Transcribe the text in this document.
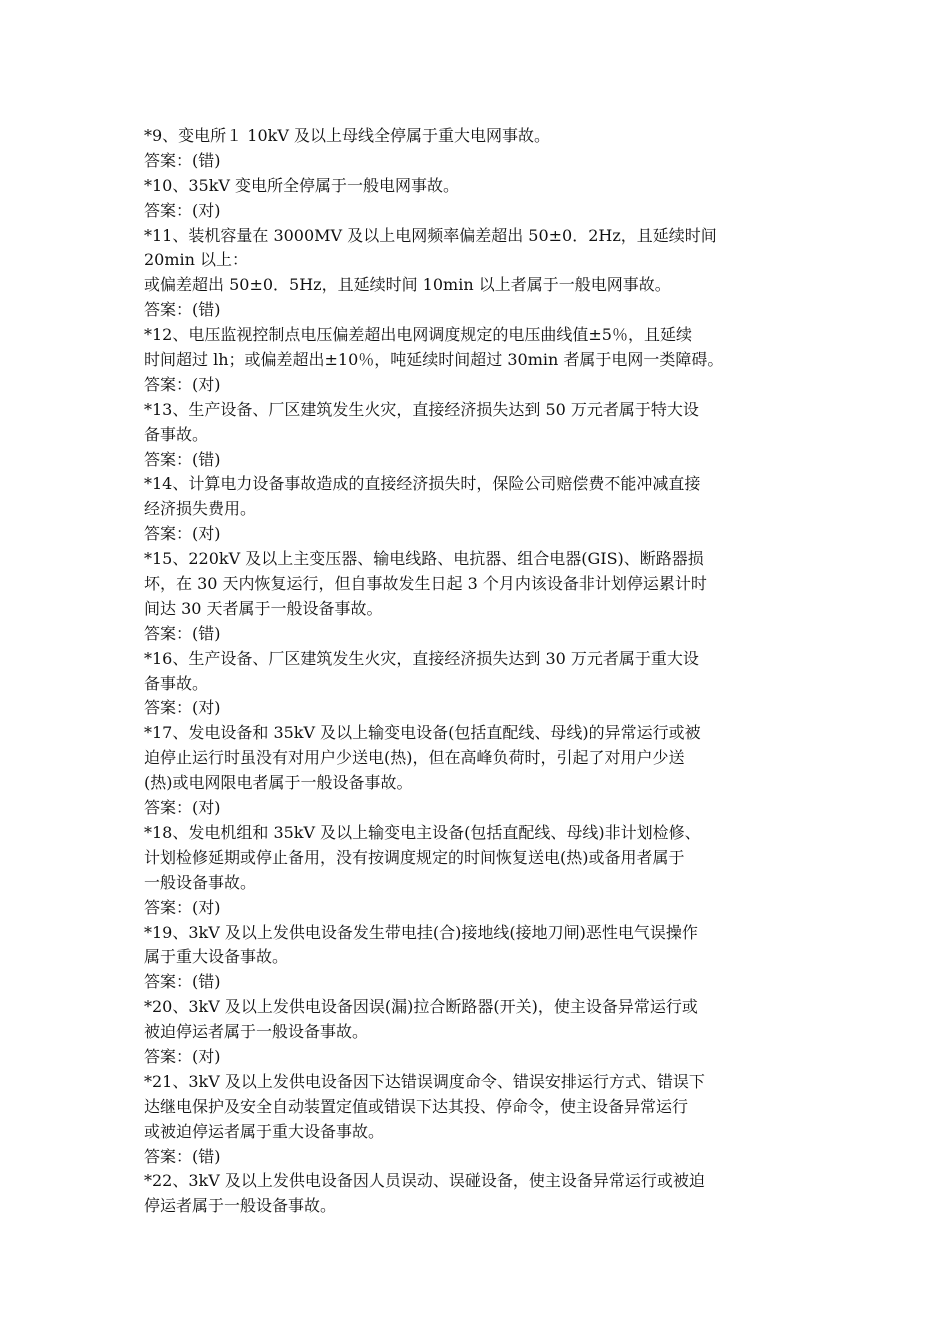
*9、变电所１ 10kV 及以上母线全停属于重大电网事故。
答案：(错)
*10、35kV 变电所全停属于一般电网事故。
答案：(对)
*11、装机容量在 3000MV 及以上电网频率偏差超出 50±0．2Hz，且延续时间
20min 以上：
或偏差超出 50±0．5Hz，且延续时间 10min 以上者属于一般电网事故。
答案：(错)
*12、电压监视控制点电压偏差超出电网调度规定的电压曲线值±5％，且延续
时间超过 lh；或偏差超出±10％，吨延续时间超过 30min 者属于电网一类障碍。
答案：(对)
*13、生产设备、厂区建筑发生火灾，直接经济损失达到 50 万元者属于特大设
备事故。
答案：(错)
*14、计算电力设备事故造成的直接经济损失时，保险公司赔偿费不能冲减直接
经济损失费用。
答案：(对)
*15、220kV 及以上主变压器、输电线路、电抗器、组合电器(GIS)、断路器损
坏，在 30 天内恢复运行，但自事故发生日起 3 个月内该设备非计划停运累计时
间达 30 天者属于一般设备事故。
答案：(错)
*16、生产设备、厂区建筑发生火灾，直接经济损失达到 30 万元者属于重大设
备事故。
答案：(对)
*17、发电设备和 35kV 及以上输变电设备(包括直配线、母线)的异常运行或被
迫停止运行时虽没有对用户少送电(热)，但在高峰负荷时，引起了对用户少送
(热)或电网限电者属于一般设备事故。
答案：(对)
*18、发电机组和 35kV 及以上输变电主设备(包括直配线、母线)非计划检修、
计划检修延期或停止备用，没有按调度规定的时间恢复送电(热)或备用者属于
一般设备事故。
答案：(对)
*19、3kV 及以上发供电设备发生带电挂(合)接地线(接地刀闸)恶性电气误操作
属于重大设备事故。
答案：(错)
*20、3kV 及以上发供电设备因误(漏)拉合断路器(开关)，使主设备异常运行或
被迫停运者属于一般设备事故。
答案：(对)
*21、3kV 及以上发供电设备因下达错误调度命令、错误安排运行方式、错误下
达继电保护及安全自动装置定值或错误下达其投、停命令，使主设备异常运行
或被迫停运者属于重大设备事故。
答案：(错)
*22、3kV 及以上发供电设备因人员误动、误碰设备，使主设备异常运行或被迫
停运者属于一般设备事故。
